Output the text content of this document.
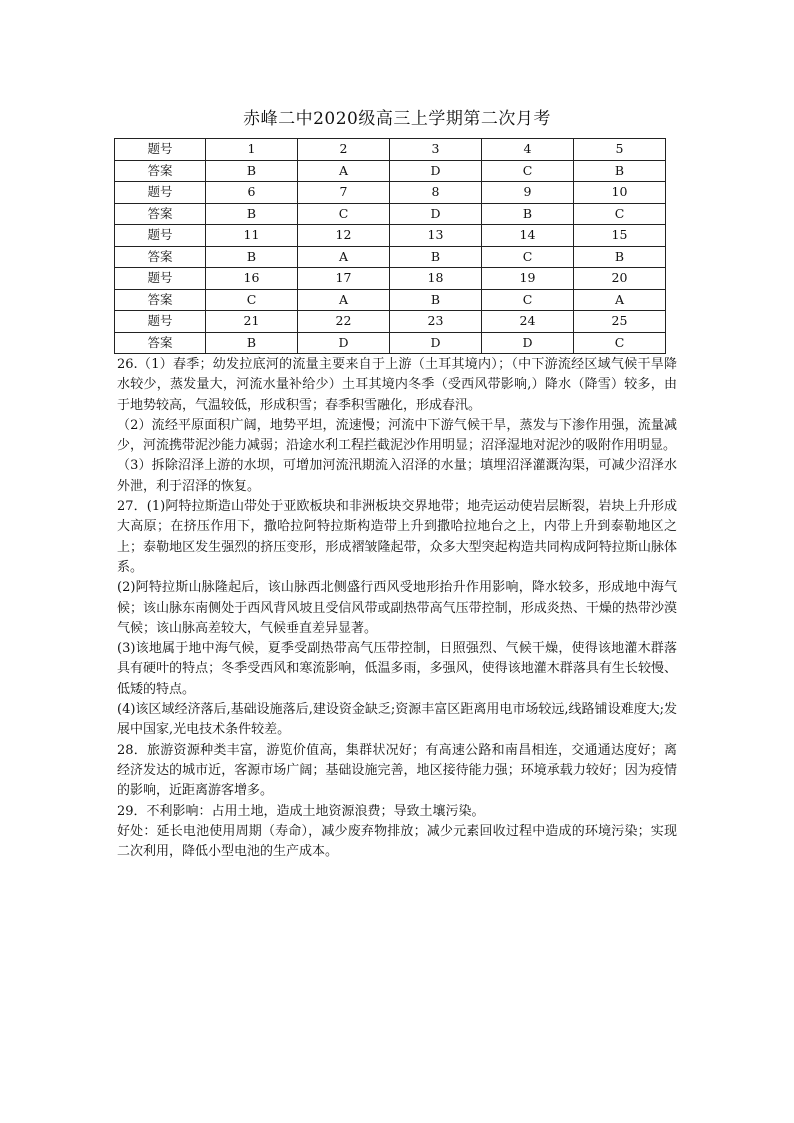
赤峰二中2020级高三上学期第二次月考
题号	1	2	3	4	5
答案	B	A	D	C	B
题号	6	7	8	9	10
答案	B	C	D	B	C
题号	11	12	13	14	15
答案	B	A	B	C	B
题号	16	17	18	19	20
答案	C	A	B	C	A
题号	21	22	23	24	25
答案	B	D	D	D	C

26.（1）春季；幼发拉底河的流量主要来自于上游（土耳其境内）；（中下游流经区域气候干旱降水较少，蒸发量大，河流水量补给少）土耳其境内冬季（受西风带影响,）降水（降雪）较多，由于地势较高，气温较低，形成积雪；春季积雪融化，形成春汛。

（2）流经平原面积广阔，地势平坦，流速慢；河流中下游气候干旱，蒸发与下渗作用强，流量减少，河流携带泥沙能力减弱；沿途水利工程拦截泥沙作用明显；沼泽湿地对泥沙的吸附作用明显。

（3）拆除沼泽上游的水坝，可增加河流汛期流入沼泽的水量；填埋沼泽灌溉沟渠，可减少沼泽水外泄，利于沼泽的恢复。

27．(1)阿特拉斯造山带处于亚欧板块和非洲板块交界地带；地壳运动使岩层断裂，岩块上升形成大高原；在挤压作用下，撒哈拉阿特拉斯构造带上升到撒哈拉地台之上，内带上升到泰勒地区之上；泰勒地区发生强烈的挤压变形，形成褶皱隆起带，众多大型突起构造共同构成阿特拉斯山脉体系。

(2)阿特拉斯山脉隆起后，该山脉西北侧盛行西风受地形抬升作用影响，降水较多，形成地中海气候；该山脉东南侧处于西风背风坡且受信风带或副热带高气压带控制，形成炎热、干燥的热带沙漠气候；该山脉高差较大，气候垂直差异显著。

(3)该地属于地中海气候，夏季受副热带高气压带控制，日照强烈、气候干燥，使得该地灌木群落具有硬叶的特点；冬季受西风和寒流影响，低温多雨，多强风，使得该地灌木群落具有生长较慢、低矮的特点。

(4)该区域经济落后,基础设施落后,建设资金缺乏;资源丰富区距离用电市场较远,线路铺设难度大;发展中国家,光电技术条件较差。

28．旅游资源种类丰富，游览价值高，集群状况好；有高速公路和南昌相连，交通通达度好；离经济发达的城市近，客源市场广阔；基础设施完善，地区接待能力强；环境承载力较好；因为疫情的影响，近距离游客增多。

29．不利影响：占用土地，造成土地资源浪费；导致土壤污染。

好处：延长电池使用周期（寿命），减少废弃物排放；减少元素回收过程中造成的环境污染；实现二次利用，降低小型电池的生产成本。
